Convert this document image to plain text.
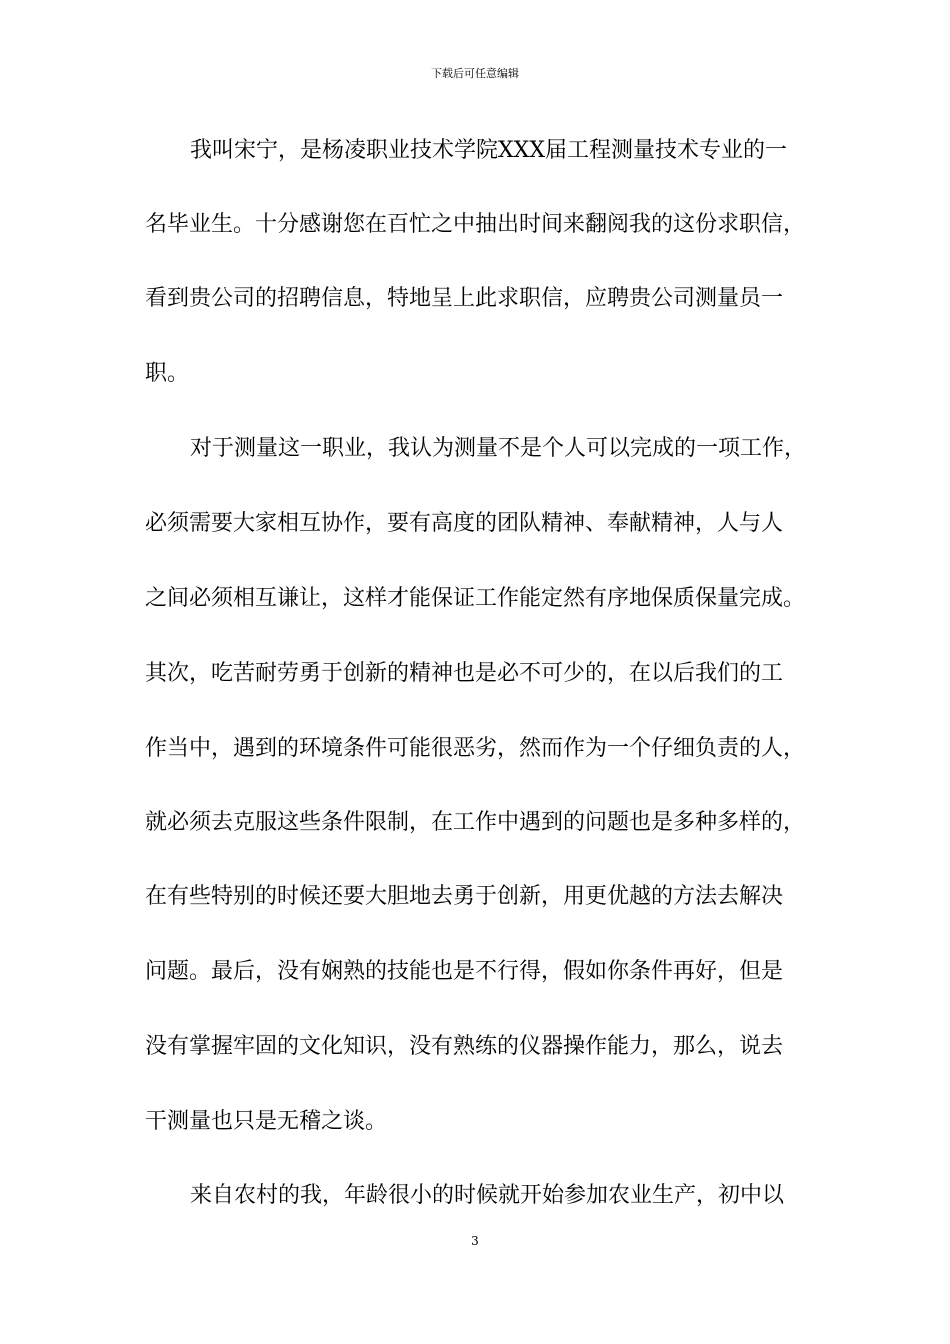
下载后可任意编辑
我叫宋宁，是杨凌职业技术学院XXX届工程测量技术专业的一
名毕业生。十分感谢您在百忙之中抽出时间来翻阅我的这份求职信，
看到贵公司的招聘信息，特地呈上此求职信，应聘贵公司测量员一
职。
对于测量这一职业，我认为测量不是个人可以完成的一项工作，
必须需要大家相互协作，要有高度的团队精神、奉献精神，人与人
之间必须相互谦让，这样才能保证工作能定然有序地保质保量完成。
其次，吃苦耐劳勇于创新的精神也是必不可少的，在以后我们的工
作当中，遇到的环境条件可能很恶劣，然而作为一个仔细负责的人，
就必须去克服这些条件限制，在工作中遇到的问题也是多种多样的，
在有些特别的时候还要大胆地去勇于创新，用更优越的方法去解决
问题。最后，没有娴熟的技能也是不行得，假如你条件再好，但是
没有掌握牢固的文化知识，没有熟练的仪器操作能力，那么，说去
干测量也只是无稽之谈。
来自农村的我，年龄很小的时候就开始参加农业生产，初中以
3
